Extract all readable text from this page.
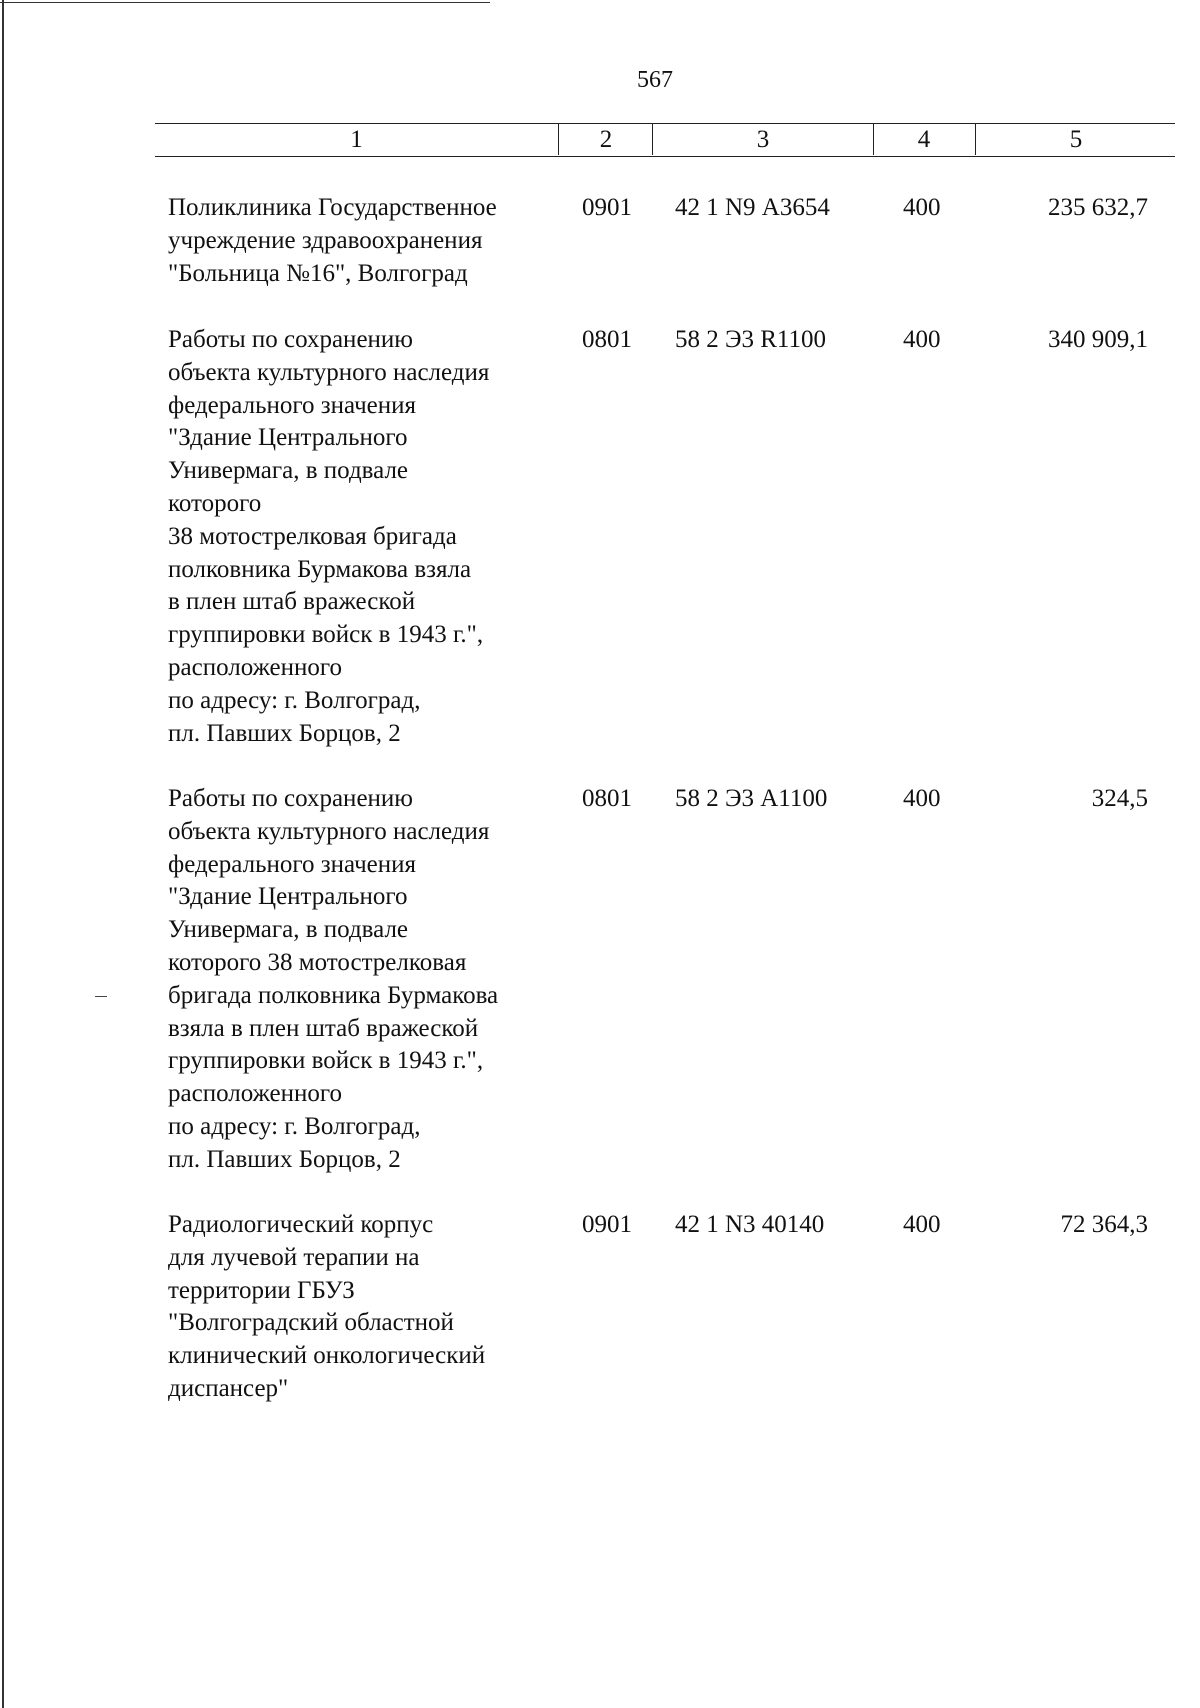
567
1	2	3	4	5
Поликлиника Государственное
учреждение здравоохранения
"Больница №16", Волгоград
0901	42 1 N9 А3654	400	235 632,7
Работы по сохранению
объекта культурного наследия
федерального значения
"Здание Центрального
Универмага, в подвале
которого
38 мотострелковая бригада
полковника Бурмакова взяла
в плен штаб вражеской
группировки войск в 1943 г.",
расположенного
по адресу: г. Волгоград,
пл. Павших Борцов, 2
0801	58 2 Э3 R1100	400	340 909,1
Работы по сохранению
объекта культурного наследия
федерального значения
"Здание Центрального
Универмага, в подвале
которого 38 мотострелковая
бригада полковника Бурмакова
взяла в плен штаб вражеской
группировки войск в 1943 г.",
расположенного
по адресу: г. Волгоград,
пл. Павших Борцов, 2
0801	58 2 Э3 А1100	400	324,5
Радиологический корпус
для лучевой терапии на
территории ГБУЗ
"Волгоградский областной
клинический онкологический
диспансер"
0901	42 1 N3 40140	400	72 364,3
